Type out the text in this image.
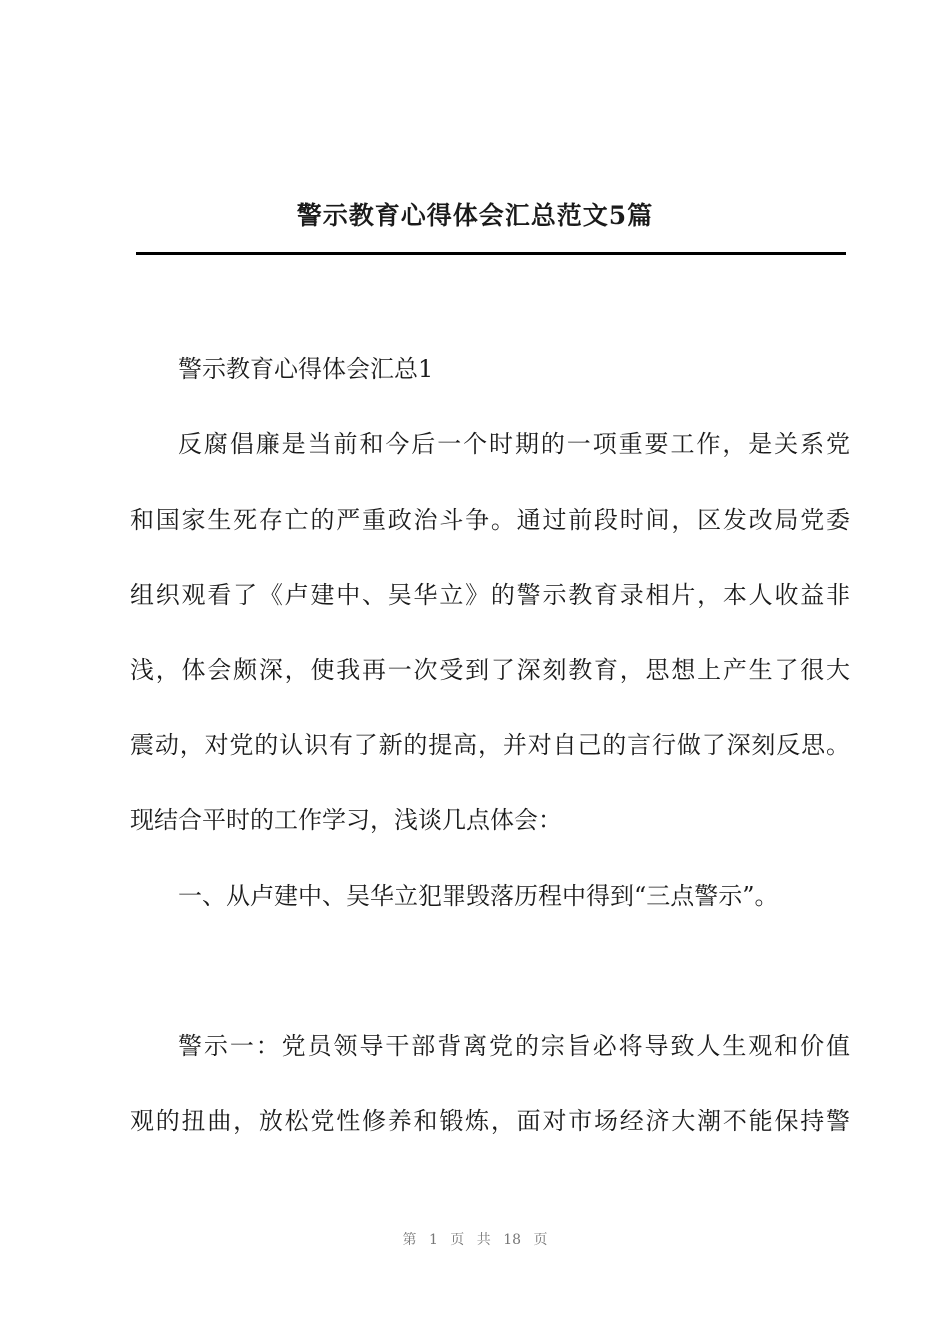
警示教育心得体会汇总范文5篇

警示教育心得体会汇总1

反腐倡廉是当前和今后一个时期的一项重要工作，是关系党

和国家生死存亡的严重政治斗争。通过前段时间，区发改局党委

组织观看了《卢建中、吴华立》的警示教育录相片，本人收益非

浅，体会颇深，使我再一次受到了深刻教育，思想上产生了很大

震动，对党的认识有了新的提高，并对自己的言行做了深刻反思。

现结合平时的工作学习，浅谈几点体会：

一、从卢建中、吴华立犯罪毁落历程中得到“三点警示”。

警示一：党员领导干部背离党的宗旨必将导致人生观和价值

观的扭曲，放松党性修养和锻炼，面对市场经济大潮不能保持警

第 1 页 共 18 页
